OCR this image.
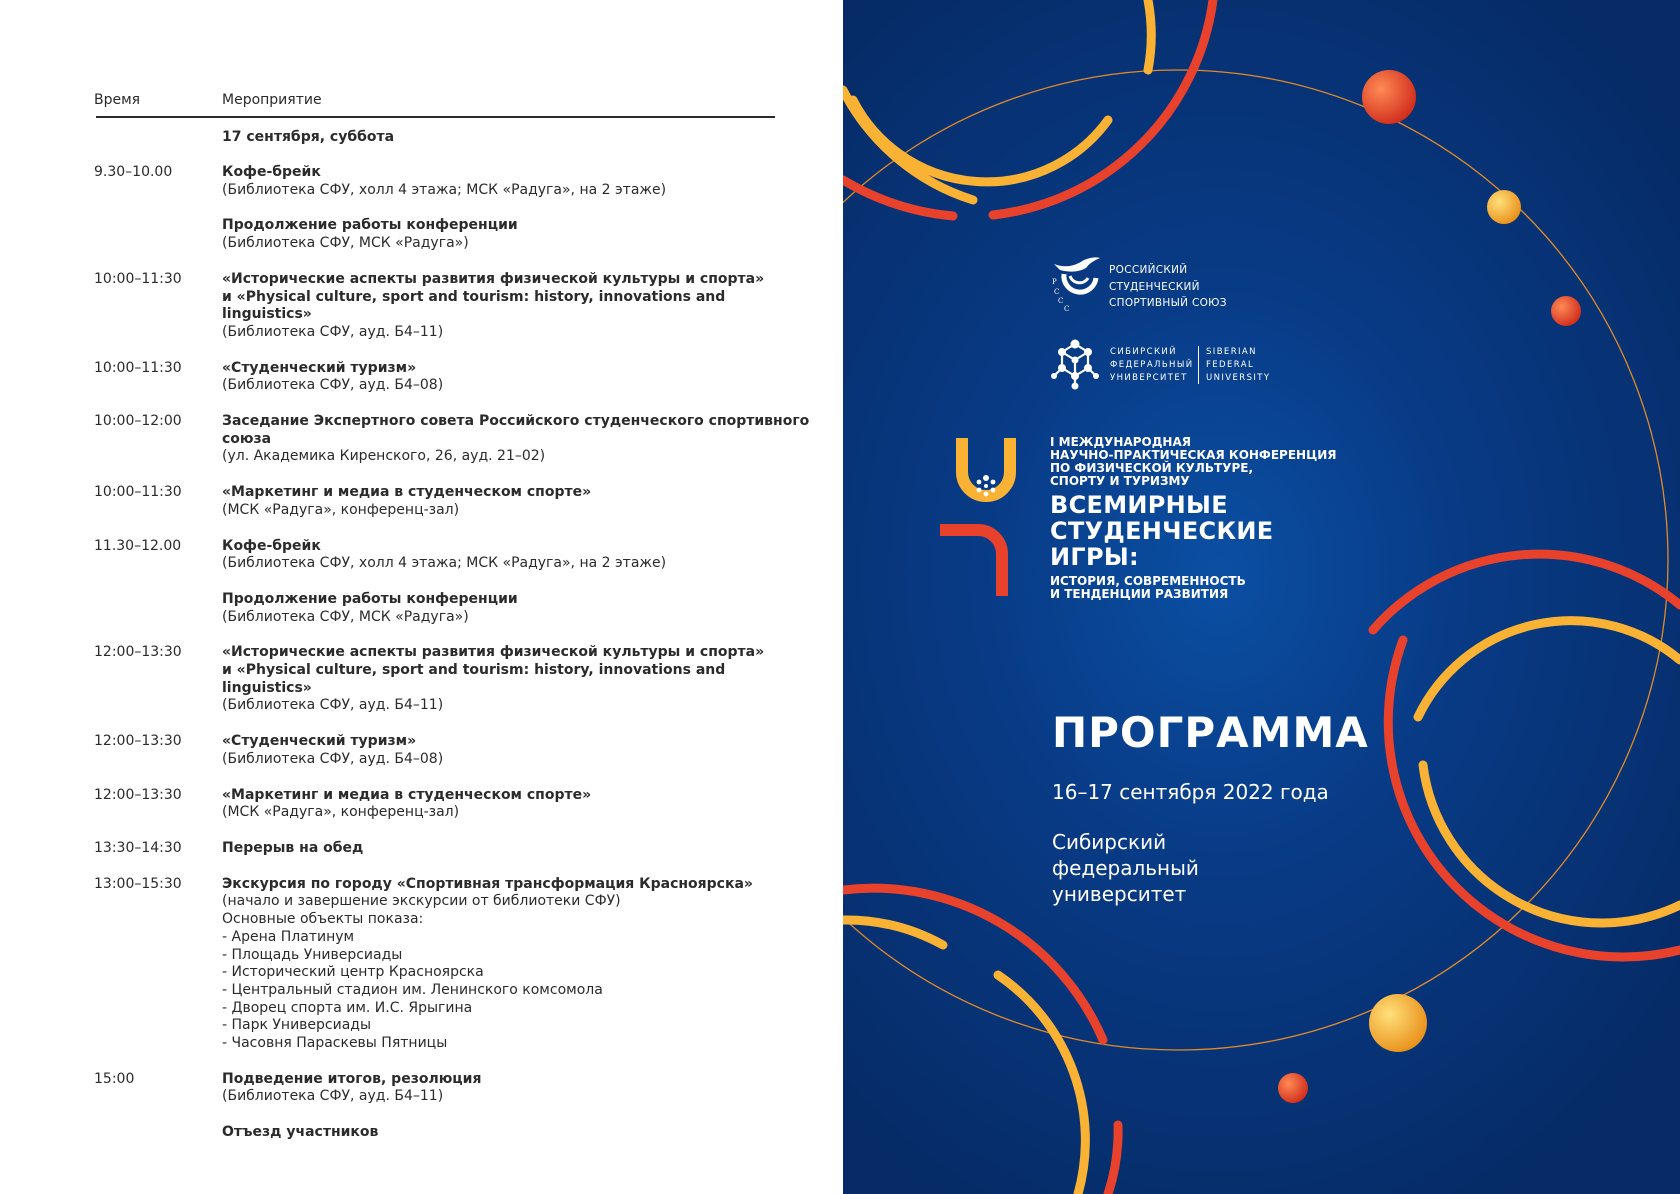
Время	Мероприятие
17 сентября, суббота
9.30–10.00	Кофе-брейк
(Библиотека СФУ, холл 4 этажа; МСК «Радуга», на 2 этаже)
Продолжение работы конференции
(Библиотека СФУ, МСК «Радуга»)
10:00–11:30	«Исторические аспекты развития физической культуры и спорта»
и «Physical culture, sport and tourism: history, innovations and linguistics»
(Библиотека СФУ, ауд. Б4–11)
10:00–11:30	«Студенческий туризм»
(Библиотека СФУ, ауд. Б4–08)
10:00–12:00	Заседание Экспертного совета Российского студенческого спортивного союза
(ул. Академика Киренского, 26, ауд. 21–02)
10:00–11:30	«Маркетинг и медиа в студенческом спорте»
(МСК «Радуга», конференц-зал)
11.30–12.00	Кофе-брейк
(Библиотека СФУ, холл 4 этажа; МСК «Радуга», на 2 этаже)
Продолжение работы конференции
(Библиотека СФУ, МСК «Радуга»)
12:00–13:30	«Исторические аспекты развития физической культуры и спорта»
и «Physical culture, sport and tourism: history, innovations and linguistics»
(Библиотека СФУ, ауд. Б4–11)
12:00–13:30	«Студенческий туризм»
(Библиотека СФУ, ауд. Б4–08)
12:00–13:30	«Маркетинг и медиа в студенческом спорте»
(МСК «Радуга», конференц-зал)
13:30–14:30	Перерыв на обед
13:00–15:30	Экскурсия по городу «Спортивная трансформация Красноярска»
(начало и завершение экскурсии от библиотеки СФУ)
Основные объекты показа:
- Арена Платинум
- Площадь Универсиады
- Исторический центр Красноярска
- Центральный стадион им. Ленинского комсомола
- Дворец спорта им. И.С. Ярыгина
- Парк Универсиады
- Часовня Параскевы Пятницы
15:00	Подведение итогов, резолюция
(Библиотека СФУ, ауд. Б4–11)
Отъезд участников
Р
С
С
С
РОССИЙСКИЙ
СТУДЕНЧЕСКИЙ
СПОРТИВНЫЙ СОЮЗ
СИБИРСКИЙ
ФЕДЕРАЛЬНЫЙ
УНИВЕРСИТЕТ
SIBERIAN
FEDERAL
UNIVERSITY
I МЕЖДУНАРОДНАЯ
НАУЧНО-ПРАКТИЧЕСКАЯ КОНФЕРЕНЦИЯ
ПО ФИЗИЧЕСКОЙ КУЛЬТУРЕ,
СПОРТУ И ТУРИЗМУ
ВСЕМИРНЫЕ
СТУДЕНЧЕСКИЕ
ИГРЫ:
ИСТОРИЯ, СОВРЕМЕННОСТЬ
И ТЕНДЕНЦИИ РАЗВИТИЯ
ПРОГРАММА
16–17 сентября 2022 года
Сибирский федеральный университет
